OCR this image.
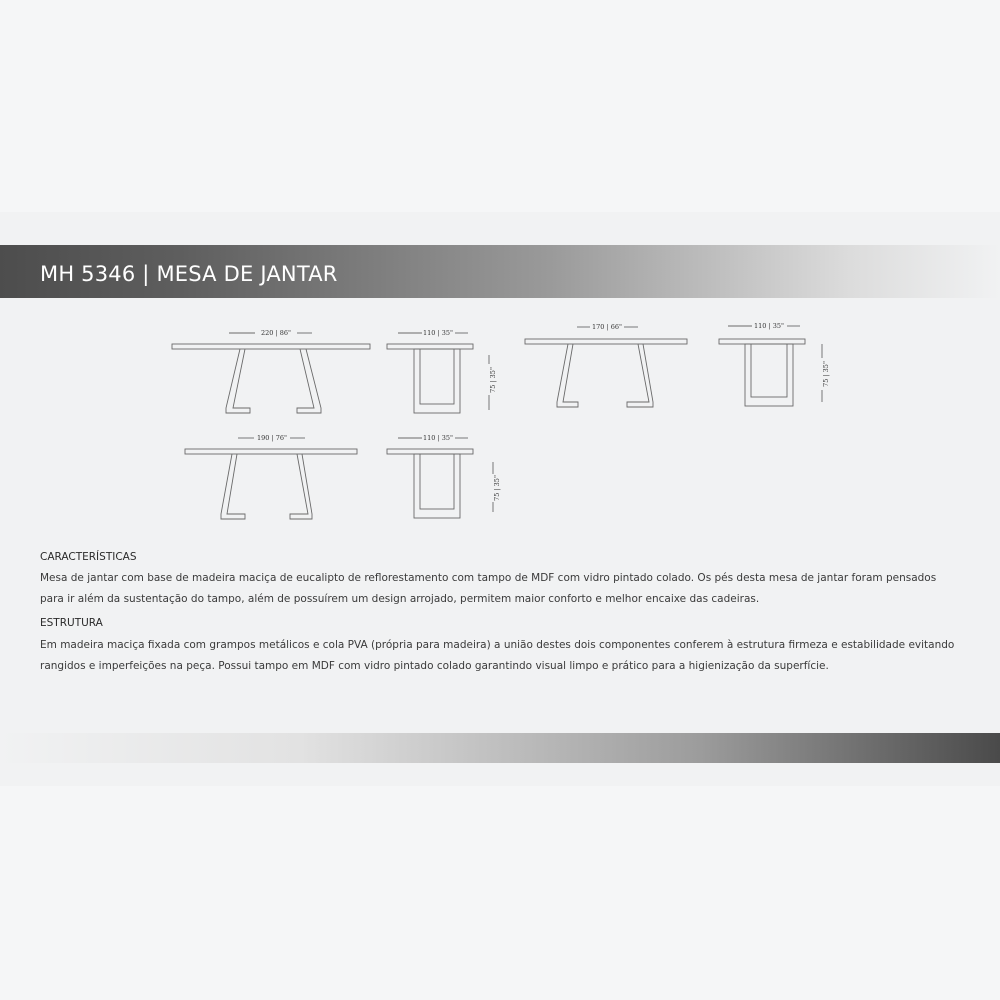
MH 5346 | MESA DE JANTAR
220 | 86"	110 | 35"
75 | 35"
170 | 66"	110 | 35"
75 | 35"
190 | 76"	110 | 35"
75 | 35"
CARACTERÍSTICAS
Mesa de jantar com base de madeira maciça de eucalipto de reflorestamento com tampo de MDF com vidro pintado colado. Os pés desta mesa de jantar foram pensados
para ir além da sustentação do tampo, além de possuírem um design arrojado, permitem maior conforto e melhor encaixe das cadeiras.
ESTRUTURA
Em madeira maciça fixada com grampos metálicos e cola PVA (própria para madeira) a união destes dois componentes conferem à estrutura firmeza e estabilidade evitando
rangidos e imperfeições na peça. Possui tampo em MDF com vidro pintado colado garantindo visual limpo e prático para a higienização da superfície.
